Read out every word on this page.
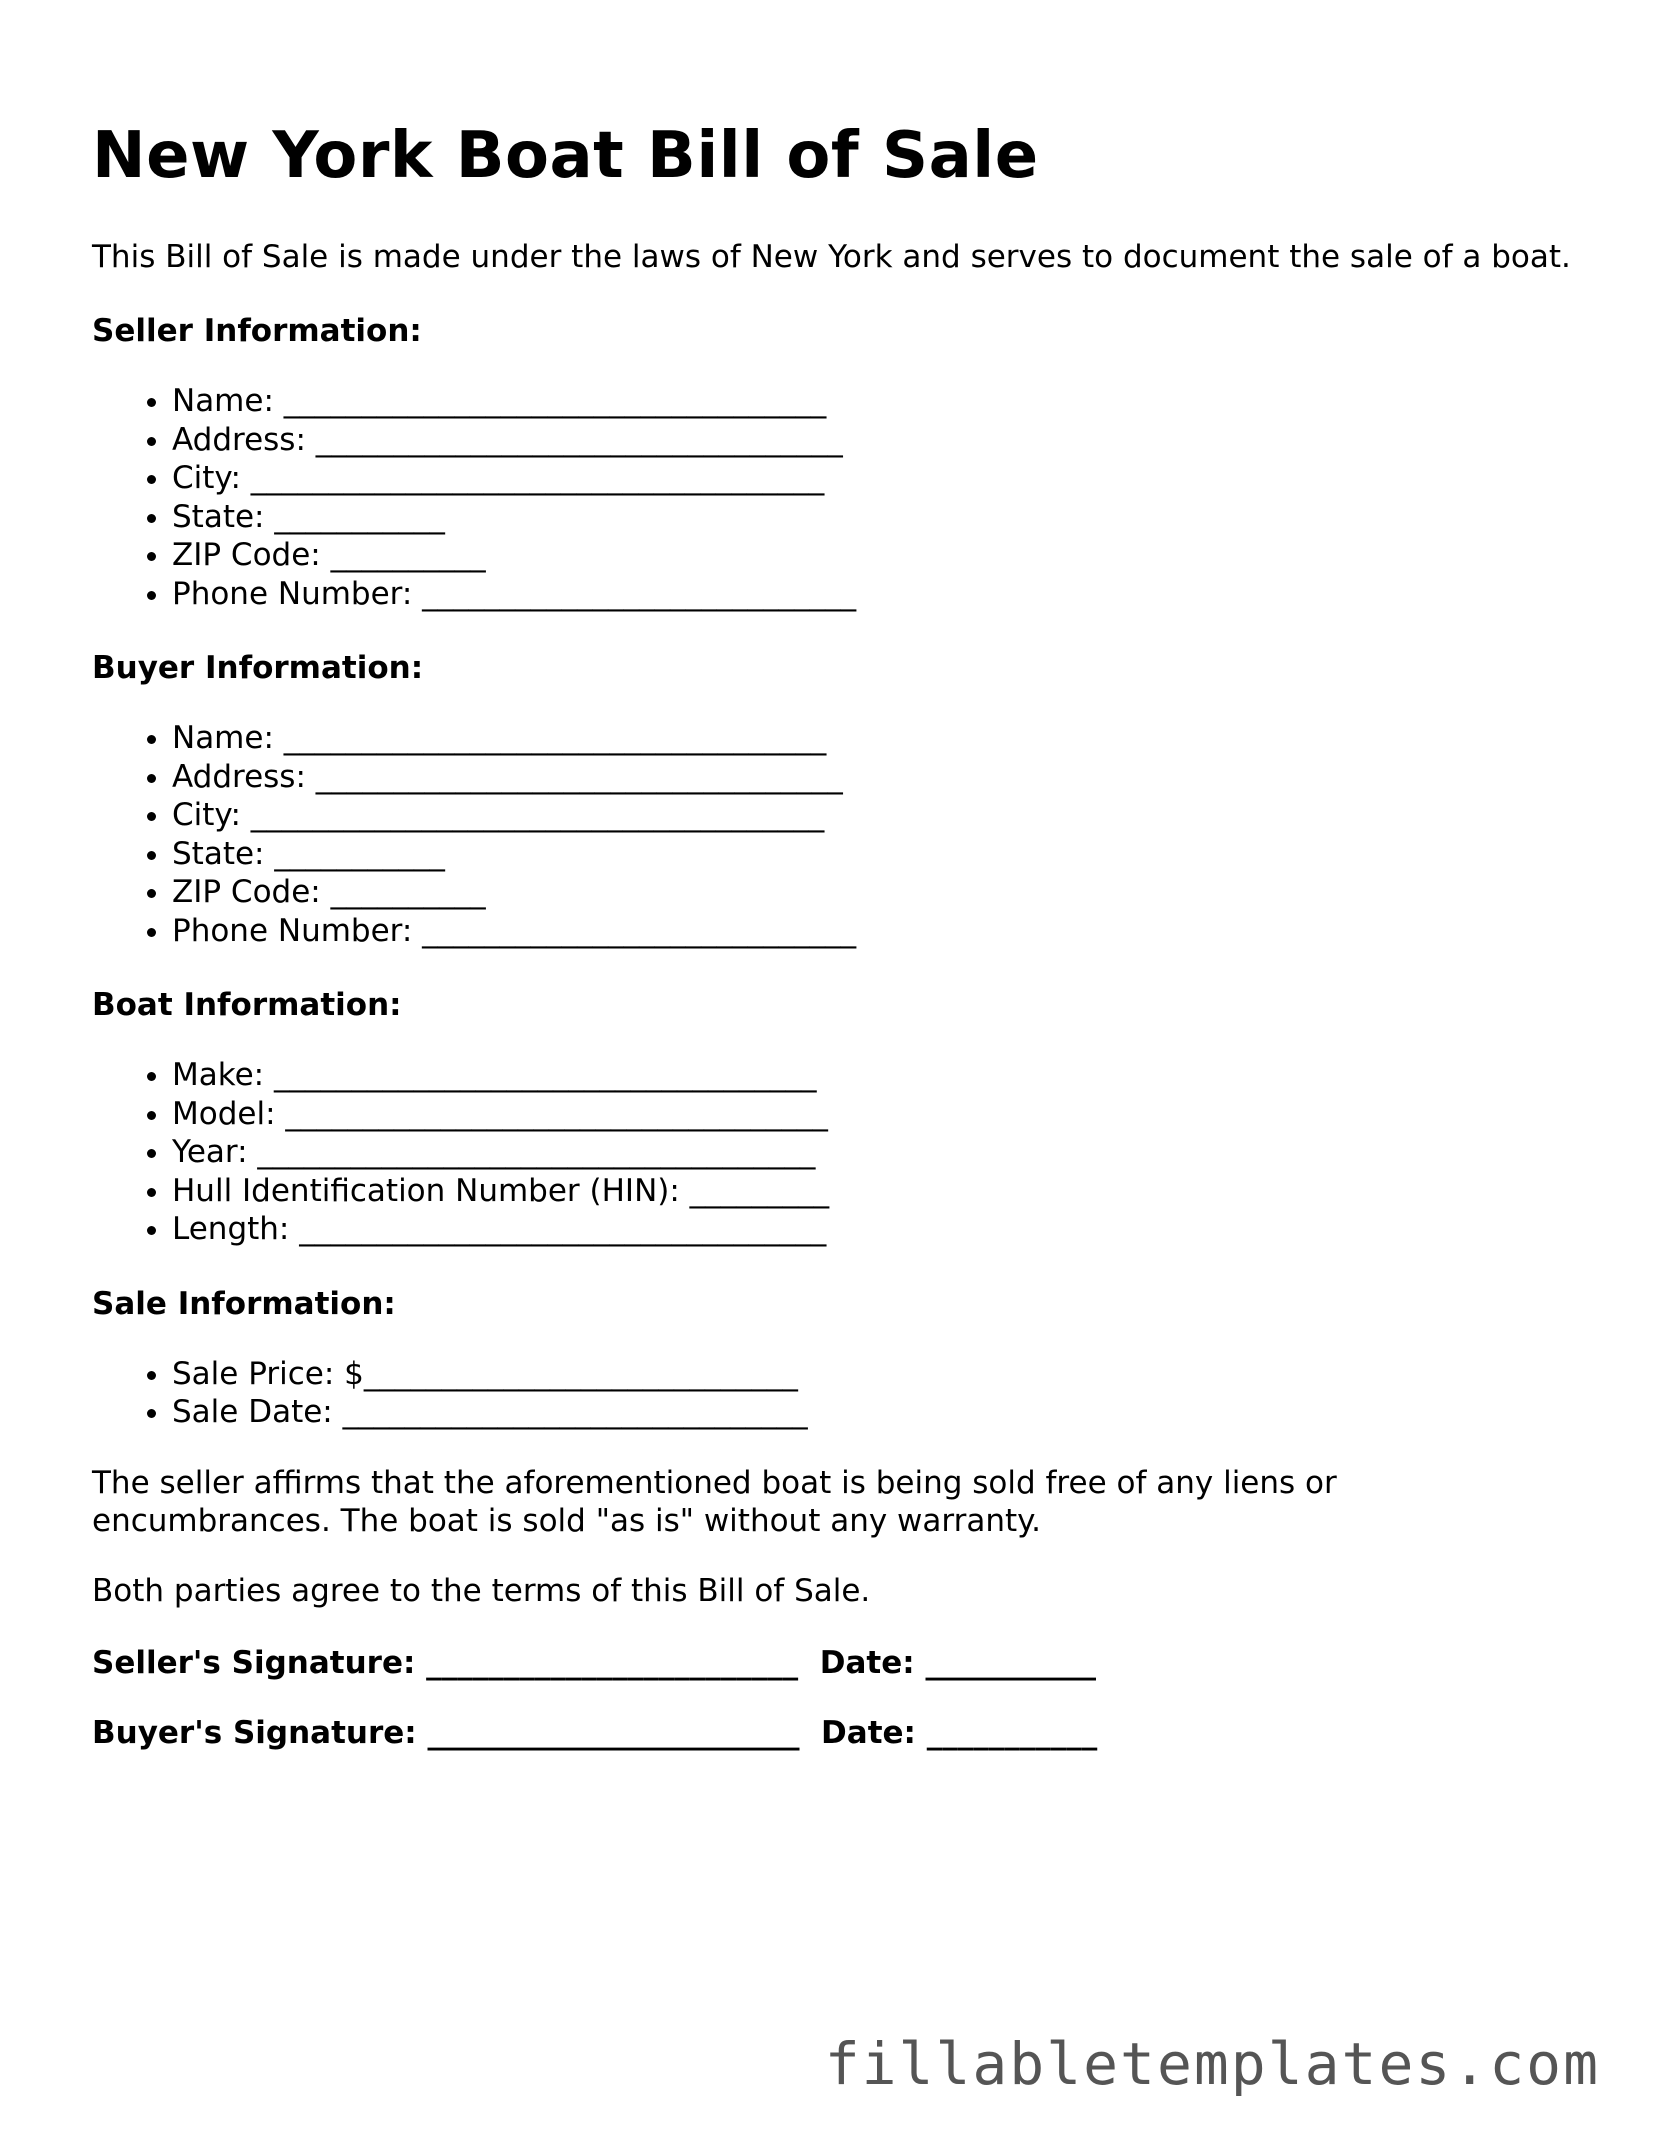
New York Boat Bill of Sale

This Bill of Sale is made under the laws of New York and serves to document the sale of a boat.

Seller Information:
• Name: ___________________________________
• Address: __________________________________
• City: _____________________________________
• State: ___________
• ZIP Code: __________
• Phone Number: ____________________________
Buyer Information:
• Name: ___________________________________
• Address: __________________________________
• City: _____________________________________
• State: ___________
• ZIP Code: __________
• Phone Number: ____________________________
Boat Information:
• Make: ___________________________________
• Model: ___________________________________
• Year: ____________________________________
• Hull Identification Number (HIN): _________
• Length: __________________________________
Sale Information:
• Sale Price: $____________________________
• Sale Date: ______________________________

The seller affirms that the aforementioned boat is being sold free of any liens or encumbrances. The boat is sold "as is" without any warranty.

Both parties agree to the terms of this Bill of Sale.

Seller's Signature: ________________________  Date: ___________
Buyer's Signature: ________________________  Date: ___________
fillabletemplates.com
